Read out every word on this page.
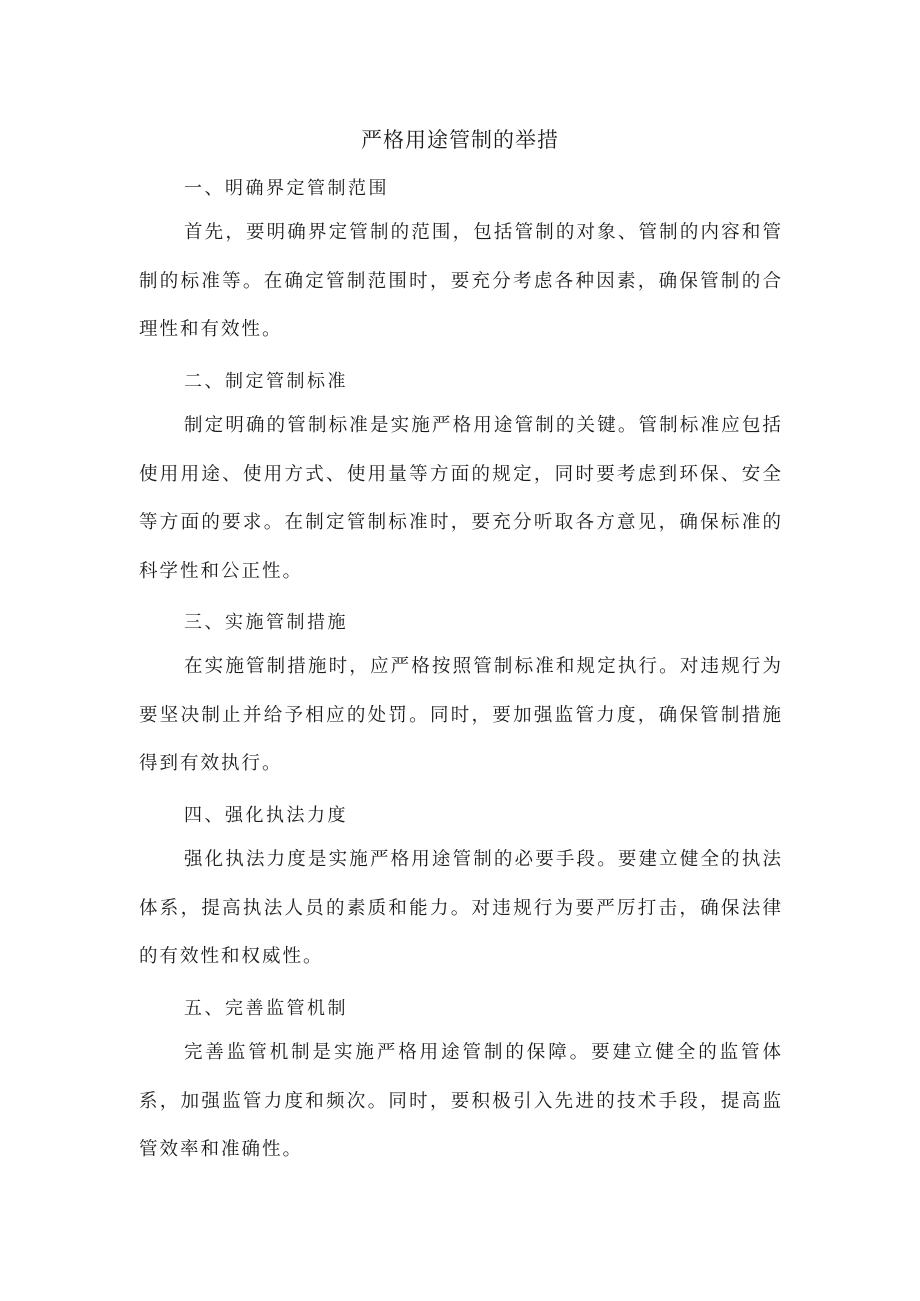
严格用途管制的举措
一、明确界定管制范围

首先，要明确界定管制的范围，包括管制的对象、管制的内容和管制的标准等。在确定管制范围时，要充分考虑各种因素，确保管制的合理性和有效性。

二、制定管制标准

制定明确的管制标准是实施严格用途管制的关键。管制标准应包括使用用途、使用方式、使用量等方面的规定，同时要考虑到环保、安全等方面的要求。在制定管制标准时，要充分听取各方意见，确保标准的科学性和公正性。

三、实施管制措施

在实施管制措施时，应严格按照管制标准和规定执行。对违规行为要坚决制止并给予相应的处罚。同时，要加强监管力度，确保管制措施得到有效执行。

四、强化执法力度

强化执法力度是实施严格用途管制的必要手段。要建立健全的执法体系，提高执法人员的素质和能力。对违规行为要严厉打击，确保法律的有效性和权威性。

五、完善监管机制

完善监管机制是实施严格用途管制的保障。要建立健全的监管体系，加强监管力度和频次。同时，要积极引入先进的技术手段，提高监管效率和准确性。
